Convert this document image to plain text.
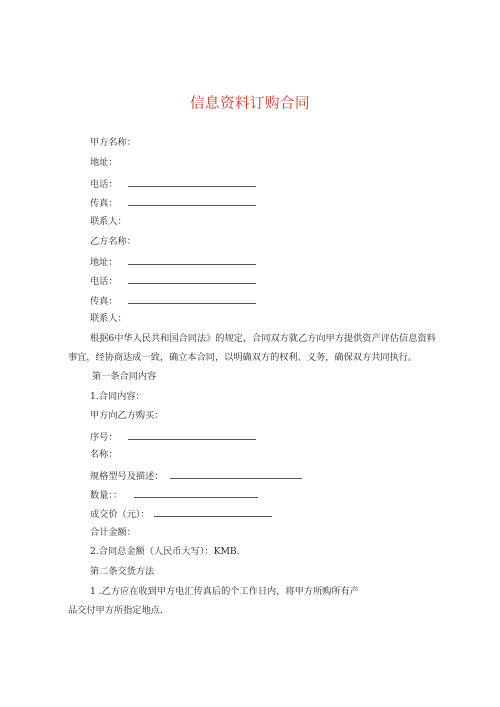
信息资料订购合同
甲方名称：
地址：
电话：
传真：
联系人：
乙方名称：
地址：
电话：
传真：
联系人：
根据6中华人民共和国合同法》的规定，合同双方就乙方向甲方提供资产评估信息资料事宜，经协商达成一致，确立本合同，以明确双方的权利、义务，确保双方共同执行。
第一条合同内容
1.合同内容：
甲方向乙方购买：
序号：
名称：
规格型号及描述：
数量：：
成交价（元）：
合计金额：
2.合同总金额（人民币大写）：KMB.
第二条交货方法
1 .乙方应在收到甲方电汇传真后的个工作日内，将甲方所购所有产
品交付甲方所指定地点.
